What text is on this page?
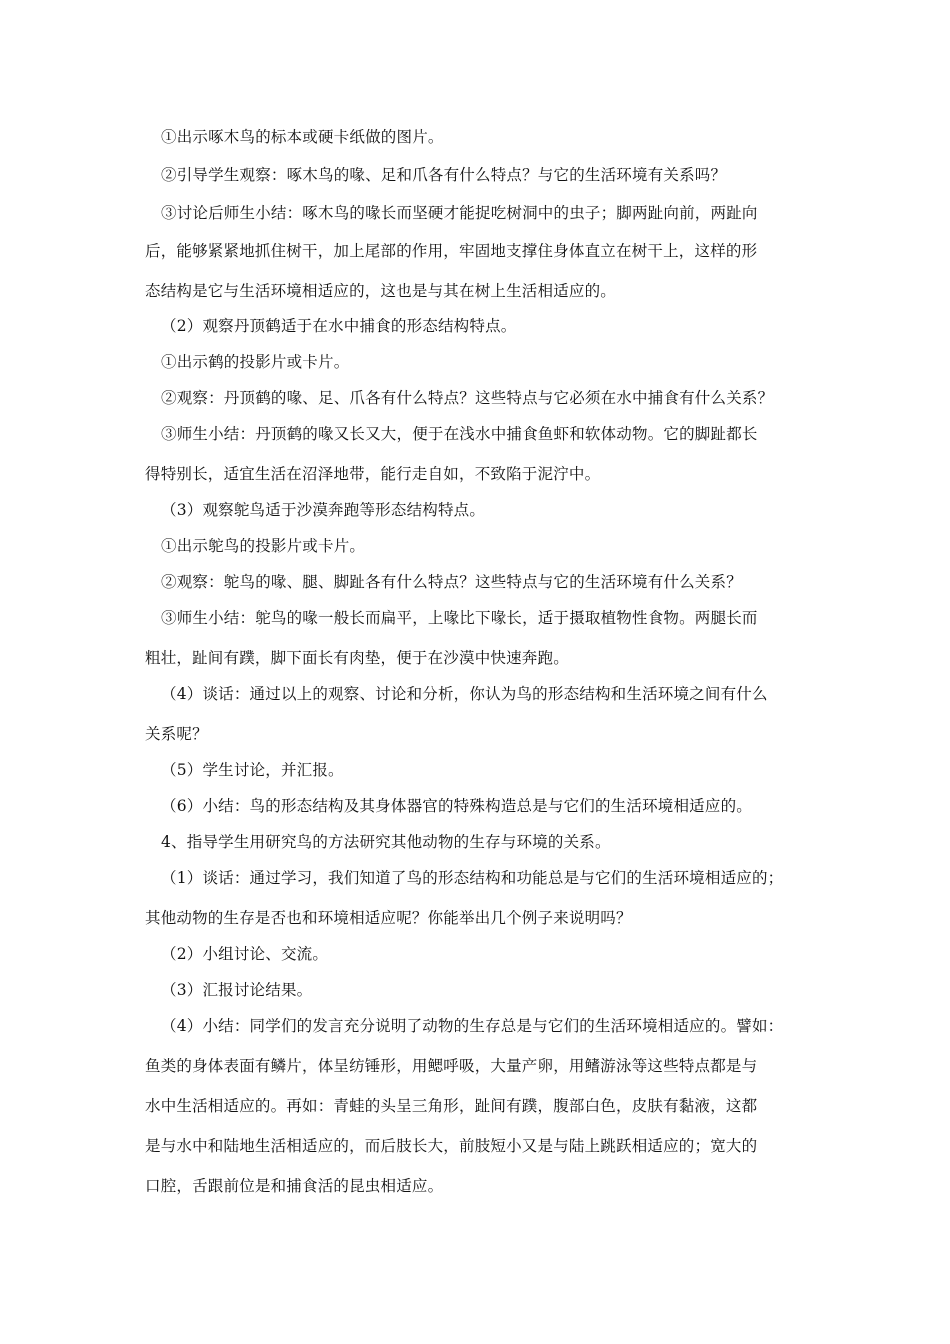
①出示啄木鸟的标本或硬卡纸做的图片。
②引导学生观察：啄木鸟的喙、足和爪各有什么特点？与它的生活环境有关系吗？
③讨论后师生小结：啄木鸟的喙长而坚硬才能捉吃树洞中的虫子；脚两趾向前，两趾向
后，能够紧紧地抓住树干，加上尾部的作用，牢固地支撑住身体直立在树干上，这样的形
态结构是它与生活环境相适应的，这也是与其在树上生活相适应的。
（2）观察丹顶鹤适于在水中捕食的形态结构特点。
①出示鹤的投影片或卡片。
②观察：丹顶鹤的喙、足、爪各有什么特点？这些特点与它必须在水中捕食有什么关系？
③师生小结：丹顶鹤的喙又长又大，便于在浅水中捕食鱼虾和软体动物。它的脚趾都长
得特别长，适宜生活在沼泽地带，能行走自如，不致陷于泥泞中。
（3）观察鸵鸟适于沙漠奔跑等形态结构特点。
①出示鸵鸟的投影片或卡片。
②观察：鸵鸟的喙、腿、脚趾各有什么特点？这些特点与它的生活环境有什么关系？
③师生小结：鸵鸟的喙一般长而扁平，上喙比下喙长，适于摄取植物性食物。两腿长而
粗壮，趾间有蹼，脚下面长有肉垫，便于在沙漠中快速奔跑。
（4）谈话：通过以上的观察、讨论和分析，你认为鸟的形态结构和生活环境之间有什么
关系呢？
（5）学生讨论，并汇报。
（6）小结：鸟的形态结构及其身体器官的特殊构造总是与它们的生活环境相适应的。
4、指导学生用研究鸟的方法研究其他动物的生存与环境的关系。
（1）谈话：通过学习，我们知道了鸟的形态结构和功能总是与它们的生活环境相适应的；
其他动物的生存是否也和环境相适应呢？你能举出几个例子来说明吗？
（2）小组讨论、交流。
（3）汇报讨论结果。
（4）小结：同学们的发言充分说明了动物的生存总是与它们的生活环境相适应的。譬如：
鱼类的身体表面有鳞片，体呈纺锤形，用鳃呼吸，大量产卵，用鳍游泳等这些特点都是与
水中生活相适应的。再如：青蛙的头呈三角形，趾间有蹼，腹部白色，皮肤有黏液，这都
是与水中和陆地生活相适应的，而后肢长大，前肢短小又是与陆上跳跃相适应的；宽大的
口腔，舌跟前位是和捕食活的昆虫相适应。
